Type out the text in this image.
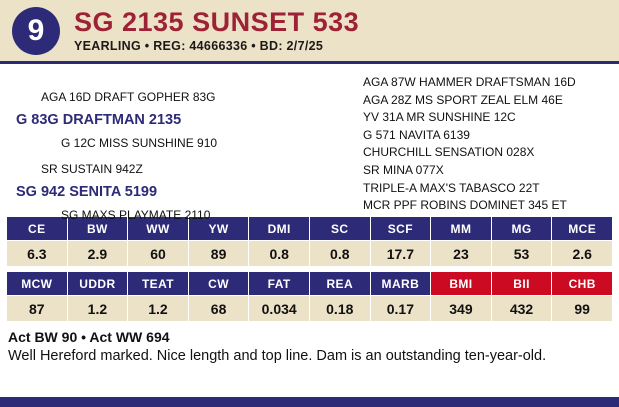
9	SG 2135 SUNSET 533
YEARLING • REG: 44666336 • BD: 2/7/25
AGA 16D DRAFT GOPHER 83G
G 83G DRAFTMAN 2135
G 12C MISS SUNSHINE 910
SR SUSTAIN 942Z
SG 942 SENITA 5199
SG MAXS PLAYMATE 2110
AGA 87W HAMMER DRAFTSMAN 16D
AGA 28Z MS SPORT ZEAL ELM 46E
YV 31A MR SUNSHINE 12C
G 571 NAVITA 6139
CHURCHILL SENSATION 028X
SR MINA 077X
TRIPLE-A MAX'S TABASCO 22T
MCR PPF ROBINS DOMINET 345 ET
CE	BW	WW	YW	DMI	SC	SCF	MM	MG	MCE
6.3	2.9	60	89	0.8	0.8	17.7	23	53	2.6
MCW	UDDR	TEAT	CW	FAT	REA	MARB	BMI	BII	CHB
87	1.2	1.2	68	0.034	0.18	0.17	349	432	99
Act BW 90 • Act WW 694
Well Hereford marked. Nice length and top line. Dam is an outstanding ten-year-old.
